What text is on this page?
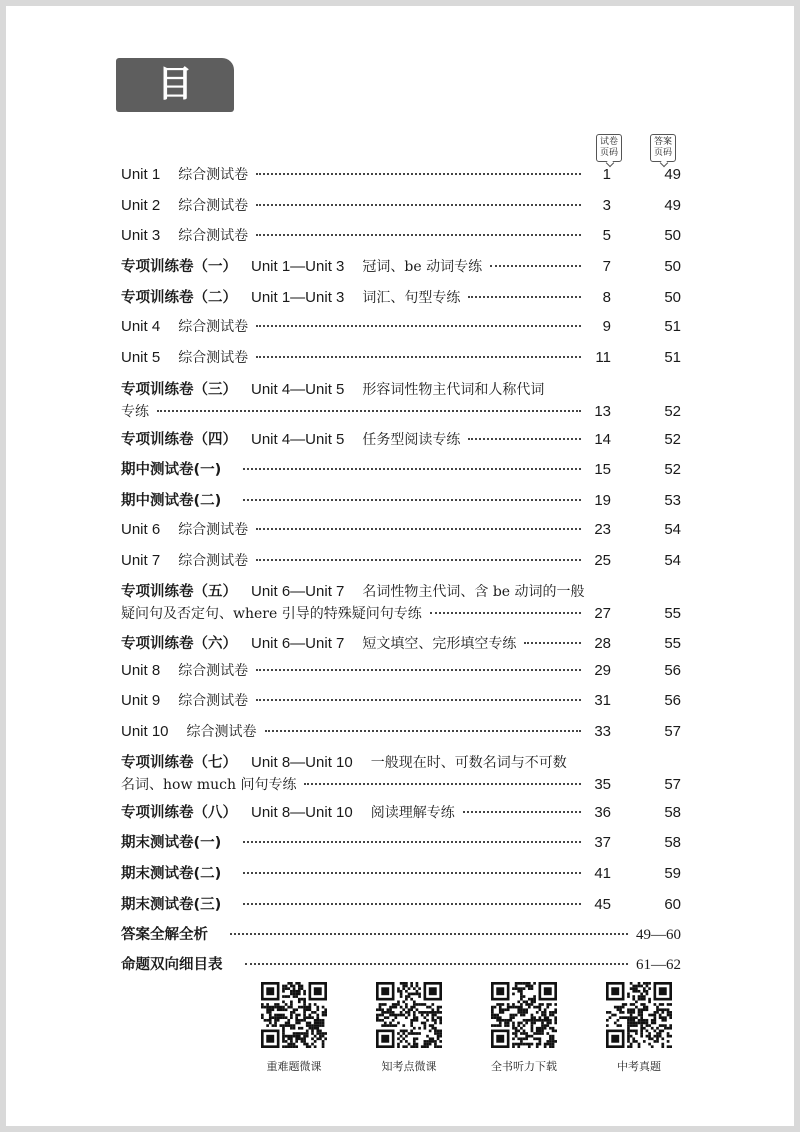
目 录	试卷页码
答案页码
Unit 1 综合测试卷	1	49
Unit 2 综合测试卷	3	49
Unit 3 综合测试卷	5	50
专项训练卷（一） Unit 1—Unit 3 冠词、be 动词专练	7	50
专项训练卷（二） Unit 1—Unit 3 词汇、句型专练	8	50
Unit 4 综合测试卷	9	51
Unit 5 综合测试卷	11	51
专项训练卷（三） Unit 4—Unit 5 形容词性物主代词和人称代词
专练	13	52
专项训练卷（四） Unit 4—Unit 5 任务型阅读专练	14	52
期中测试卷(一)	15	52
期中测试卷(二)	19	53
Unit 6 综合测试卷	23	54
Unit 7 综合测试卷	25	54
专项训练卷（五） Unit 6—Unit 7 名词性物主代词、含 be 动词的一般
疑问句及否定句、where 引导的特殊疑问句专练	27	55
专项训练卷（六） Unit 6—Unit 7 短文填空、完形填空专练	28	55
Unit 8 综合测试卷	29	56
Unit 9 综合测试卷	31	56
Unit 10 综合测试卷	33	57
专项训练卷（七） Unit 8—Unit 10 一般现在时、可数名词与不可数
名词、how much 问句专练	35	57
专项训练卷（八） Unit 8—Unit 10 阅读理解专练	36	58
期末测试卷(一)	37	58
期末测试卷(二)	41	59
期末测试卷(三)	45	60
答案全解全析	49—60
命题双向细目表	61—62
重难题微课	知考点微课	全书听力下载	中考真题
